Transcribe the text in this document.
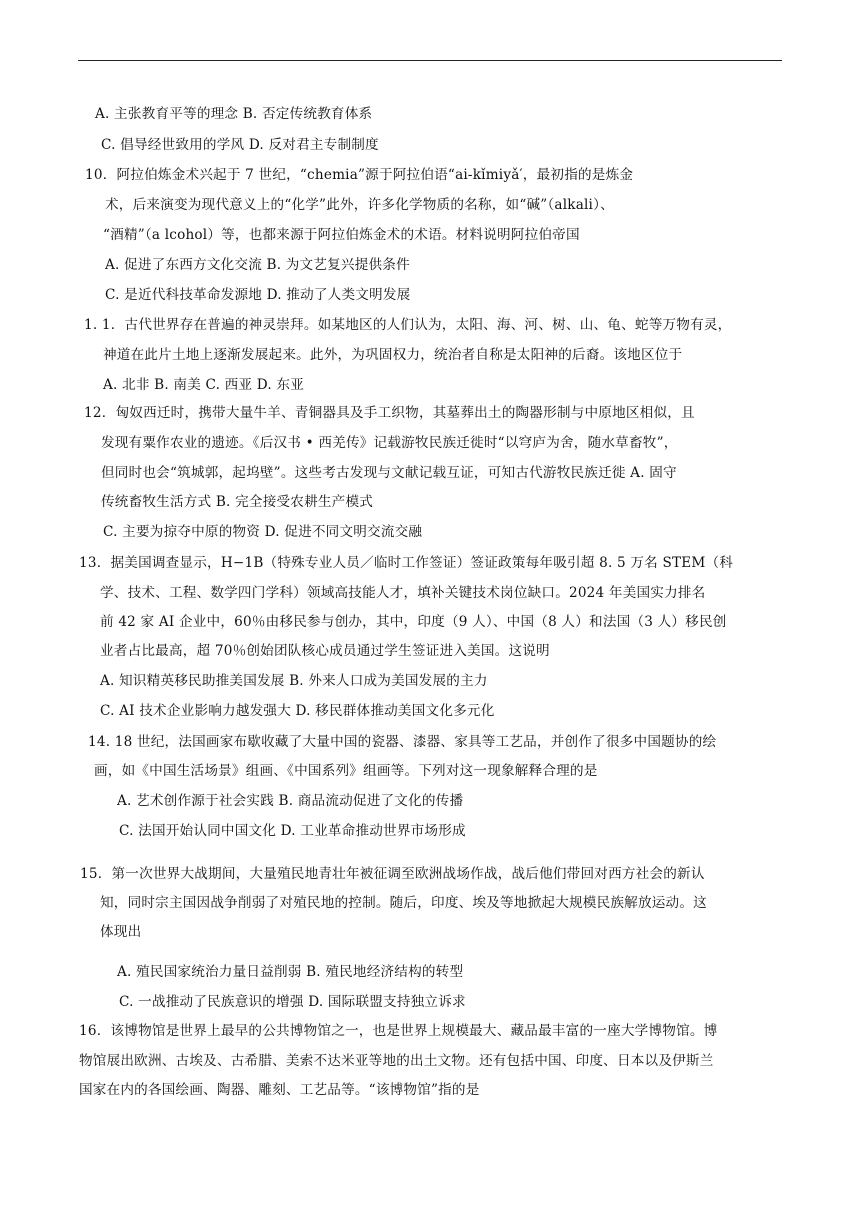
A. 主张教育平等的理念 B. 否定传统教育体系
C. 倡导经世致用的学风 D. 反对君主专制制度
10．阿拉伯炼金术兴起于 7 世纪，“chemia”源于阿拉伯语“ai-kǐmiyǎ′，最初指的是炼金
术，后来演变为现代意义上的“化学”此外，许多化学物质的名称，如“碱”（alkali）、
“酒精”（a lcohol）等，也都来源于阿拉伯炼金术的术语。材料说明阿拉伯帝国
A. 促进了东西方文化交流 B. 为文艺复兴提供条件
C. 是近代科技革命发源地 D. 推动了人类文明发展
1. 1．古代世界存在普遍的神灵崇拜。如某地区的人们认为，太阳、海、河、树、山、龟、蛇等万物有灵，
神道在此片土地上逐渐发展起来。此外，为巩固权力，统治者自称是太阳神的后裔。该地区位于
A. 北非 B. 南美 C. 西亚 D. 东亚
12．匈奴西迁时，携带大量牛羊、青铜器具及手工织物，其墓葬出土的陶器形制与中原地区相似，且
发现有粟作农业的遗迹。《后汉书 • 西羌传》记载游牧民族迁徙时“以穹庐为舍，随水草畜牧”，
但同时也会“筑城郭，起坞壁”。这些考古发现与文献记载互证，可知古代游牧民族迁徙 A. 固守
传统畜牧生活方式 B. 完全接受农耕生产模式
C. 主要为掠夺中原的物资 D. 促进不同文明交流交融
13．据美国调查显示，H−1B（特殊专业人员／临时工作签证）签证政策每年吸引超 8. 5 万名 STEM（科
学、技术、工程、数学四门学科）领域高技能人才，填补关键技术岗位缺口。2024 年美国实力排名
前 42 家 AI 企业中，60％由移民参与创办，其中，印度（9 人）、中国（8 人）和法国（3 人）移民创
业者占比最高，超 70％创始团队核心成员通过学生签证进入美国。这说明
A. 知识精英移民助推美国发展 B. 外来人口成为美国发展的主力
C. AI 技术企业影响力越发强大 D. 移民群体推动美国文化多元化
14. 18 世纪，法国画家布歇收藏了大量中国的瓷器、漆器、家具等工艺品，并创作了很多中国题协的绘
画，如《中国生活场景》组画、《中国系列》组画等。下列对这一现象解释合理的是
A. 艺术创作源于社会实践 B. 商品流动促进了文化的传播
C. 法国开始认同中国文化 D. 工业革命推动世界市场形成
15．第一次世界大战期间，大量殖民地青壮年被征调至欧洲战场作战，战后他们带回对西方社会的新认
知，同时宗主国因战争削弱了对殖民地的控制。随后，印度、埃及等地掀起大规模民族解放运动。这
体现出
A. 殖民国家统治力量日益削弱 B. 殖民地经济结构的转型
C. 一战推动了民族意识的增强 D. 国际联盟支持独立诉求
16．该博物馆是世界上最早的公共博物馆之一，也是世界上规模最大、藏品最丰富的一座大学博物馆。博
物馆展出欧洲、古埃及、古希腊、美索不达米亚等地的出土文物。还有包括中国、印度、日本以及伊斯兰
国家在内的各国绘画、陶器、雕刻、工艺品等。“该博物馆”指的是
